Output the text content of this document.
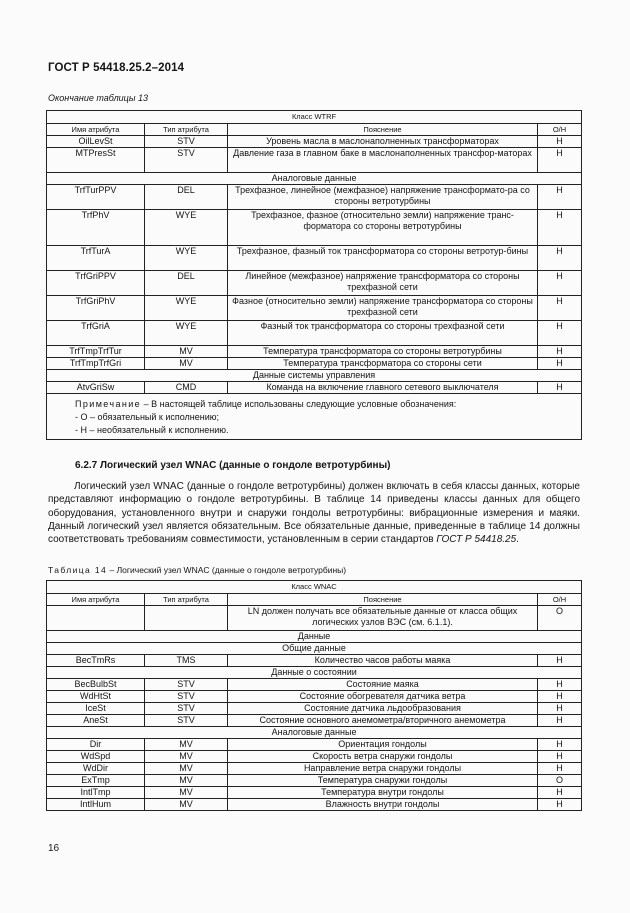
ГОСТ Р 54418.25.2–2014
Окончание таблицы 13
Класс WTRF			
Имя атрибута	Тип атрибута	Пояснение	О/Н
OilLevSt	STV	Уровень масла в маслонаполненных трансформаторах	Н
MTPresSt	STV	Давление газа в главном баке в маслонаполненных трансфор-маторах	Н
Аналоговые данные			
TrfTurPPV	DEL	Трехфазное, линейное (межфазное) напряжение трансформато-ра со стороны ветротурбины	Н
TrfPhV	WYE	Трехфазное, фазное (относительно земли) напряжение транс-форматора со стороны ветротурбины	Н
TrfTurA	WYE	Трехфазное, фазный ток трансформатора со стороны ветротур-бины	Н
TrfGriPPV	DEL	Линейное (межфазное) напряжение трансформатора со стороны трехфазной сети	Н
TrfGriPhV	WYE	Фазное (относительно земли) напряжение трансформатора со стороны трехфазной сети	Н
TrfGriA	WYE	Фазный ток трансформатора со стороны трехфазной сети	Н
TrfTmpTrfTur	MV	Температура трансформатора со стороны ветротурбины	Н
TrfTmpTrfGri	MV	Температура трансформатора со стороны сети	Н
Данные системы управления			
AtvGriSw	CMD	Команда на включение главного сетевого выключателя	Н

Примечание – В настоящей таблице использованы следующие условные обозначения:
- О – обязательный к исполнению;
- Н – необязательный к исполнению.			
6.2.7 Логический узел WNAC (данные о гондоле ветротурбины)
Логический узел WNAC (данные о гондоле ветротурбины) должен включать в себя классы данных, которые представляют информацию о гондоле ветротурбины. В таблице 14 приведены классы данных для общего оборудования, установленного внутри и снаружи гондолы ветротурбины: вибрационные измерения и маяки. Данный логический узел является обязательным. Все обязательные данные, приведенные в таблице 14 должны соответствовать требованиям совместимости, установленным в серии стандартов ГОСТ Р 54418.25.
Таблица 14 – Логический узел WNAC (данные о гондоле ветротурбины)
Класс WNAC			
Имя атрибута	Тип атрибута	Пояснение	О/Н
		LN должен получать все обязательные данные от класса общих логических узлов ВЭС (см. 6.1.1).	О
Данные			
Общие данные			
BecTmRs	TMS	Количество часов работы маяка	Н
Данные о состоянии			
BecBulbSt	STV	Состояние маяка	Н
WdHtSt	STV	Состояние обогревателя датчика ветра	Н
IceSt	STV	Состояние датчика льдообразования	Н
AneSt	STV	Состояние основного анемометра/вторичного анемометра	Н
Аналоговые данные			
Dir	MV	Ориентация гондолы	Н
WdSpd	MV	Скорость ветра снаружи гондолы	Н
WdDir	MV	Направление ветра снаружи гондолы	Н
ExTmp	MV	Температура снаружи гондолы	О
IntlTmp	MV	Температура внутри гондолы	Н
IntlHum	MV	Влажность внутри гондолы	Н
16
